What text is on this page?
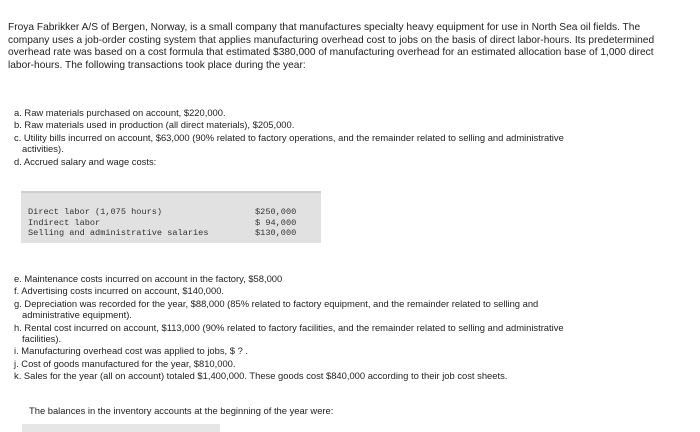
Froya Fabrikker A/S of Bergen, Norway, is a small company that manufactures specialty heavy equipment for use in North Sea oil fields. The company uses a job-order costing system that applies manufacturing overhead cost to jobs on the basis of direct labor-hours. Its predetermined overhead rate was based on a cost formula that estimated $380,000 of manufacturing overhead for an estimated allocation base of 1,000 direct labor-hours. The following transactions took place during the year:

a. Raw materials purchased on account, $220,000.
b. Raw materials used in production (all direct materials), $205,000.
c. Utility bills incurred on account, $63,000 (90% related to factory operations, and the remainder related to selling and administrative
activities).
d. Accrued salary and wage costs:
Direct labor (1,075 hours)	$250,000
Indirect labor	$ 94,000
Selling and administrative salaries	$130,000
e. Maintenance costs incurred on account in the factory, $58,000
f. Advertising costs incurred on account, $140,000.
g. Depreciation was recorded for the year, $88,000 (85% related to factory equipment, and the remainder related to selling and
administrative equipment).
h. Rental cost incurred on account, $113,000 (90% related to factory facilities, and the remainder related to selling and administrative
facilities).
i. Manufacturing overhead cost was applied to jobs, $ ? .
j. Cost of goods manufactured for the year, $810,000.
k. Sales for the year (all on account) totaled $1,400,000. These goods cost $840,000 according to their job cost sheets.

The balances in the inventory accounts at the beginning of the year were:
